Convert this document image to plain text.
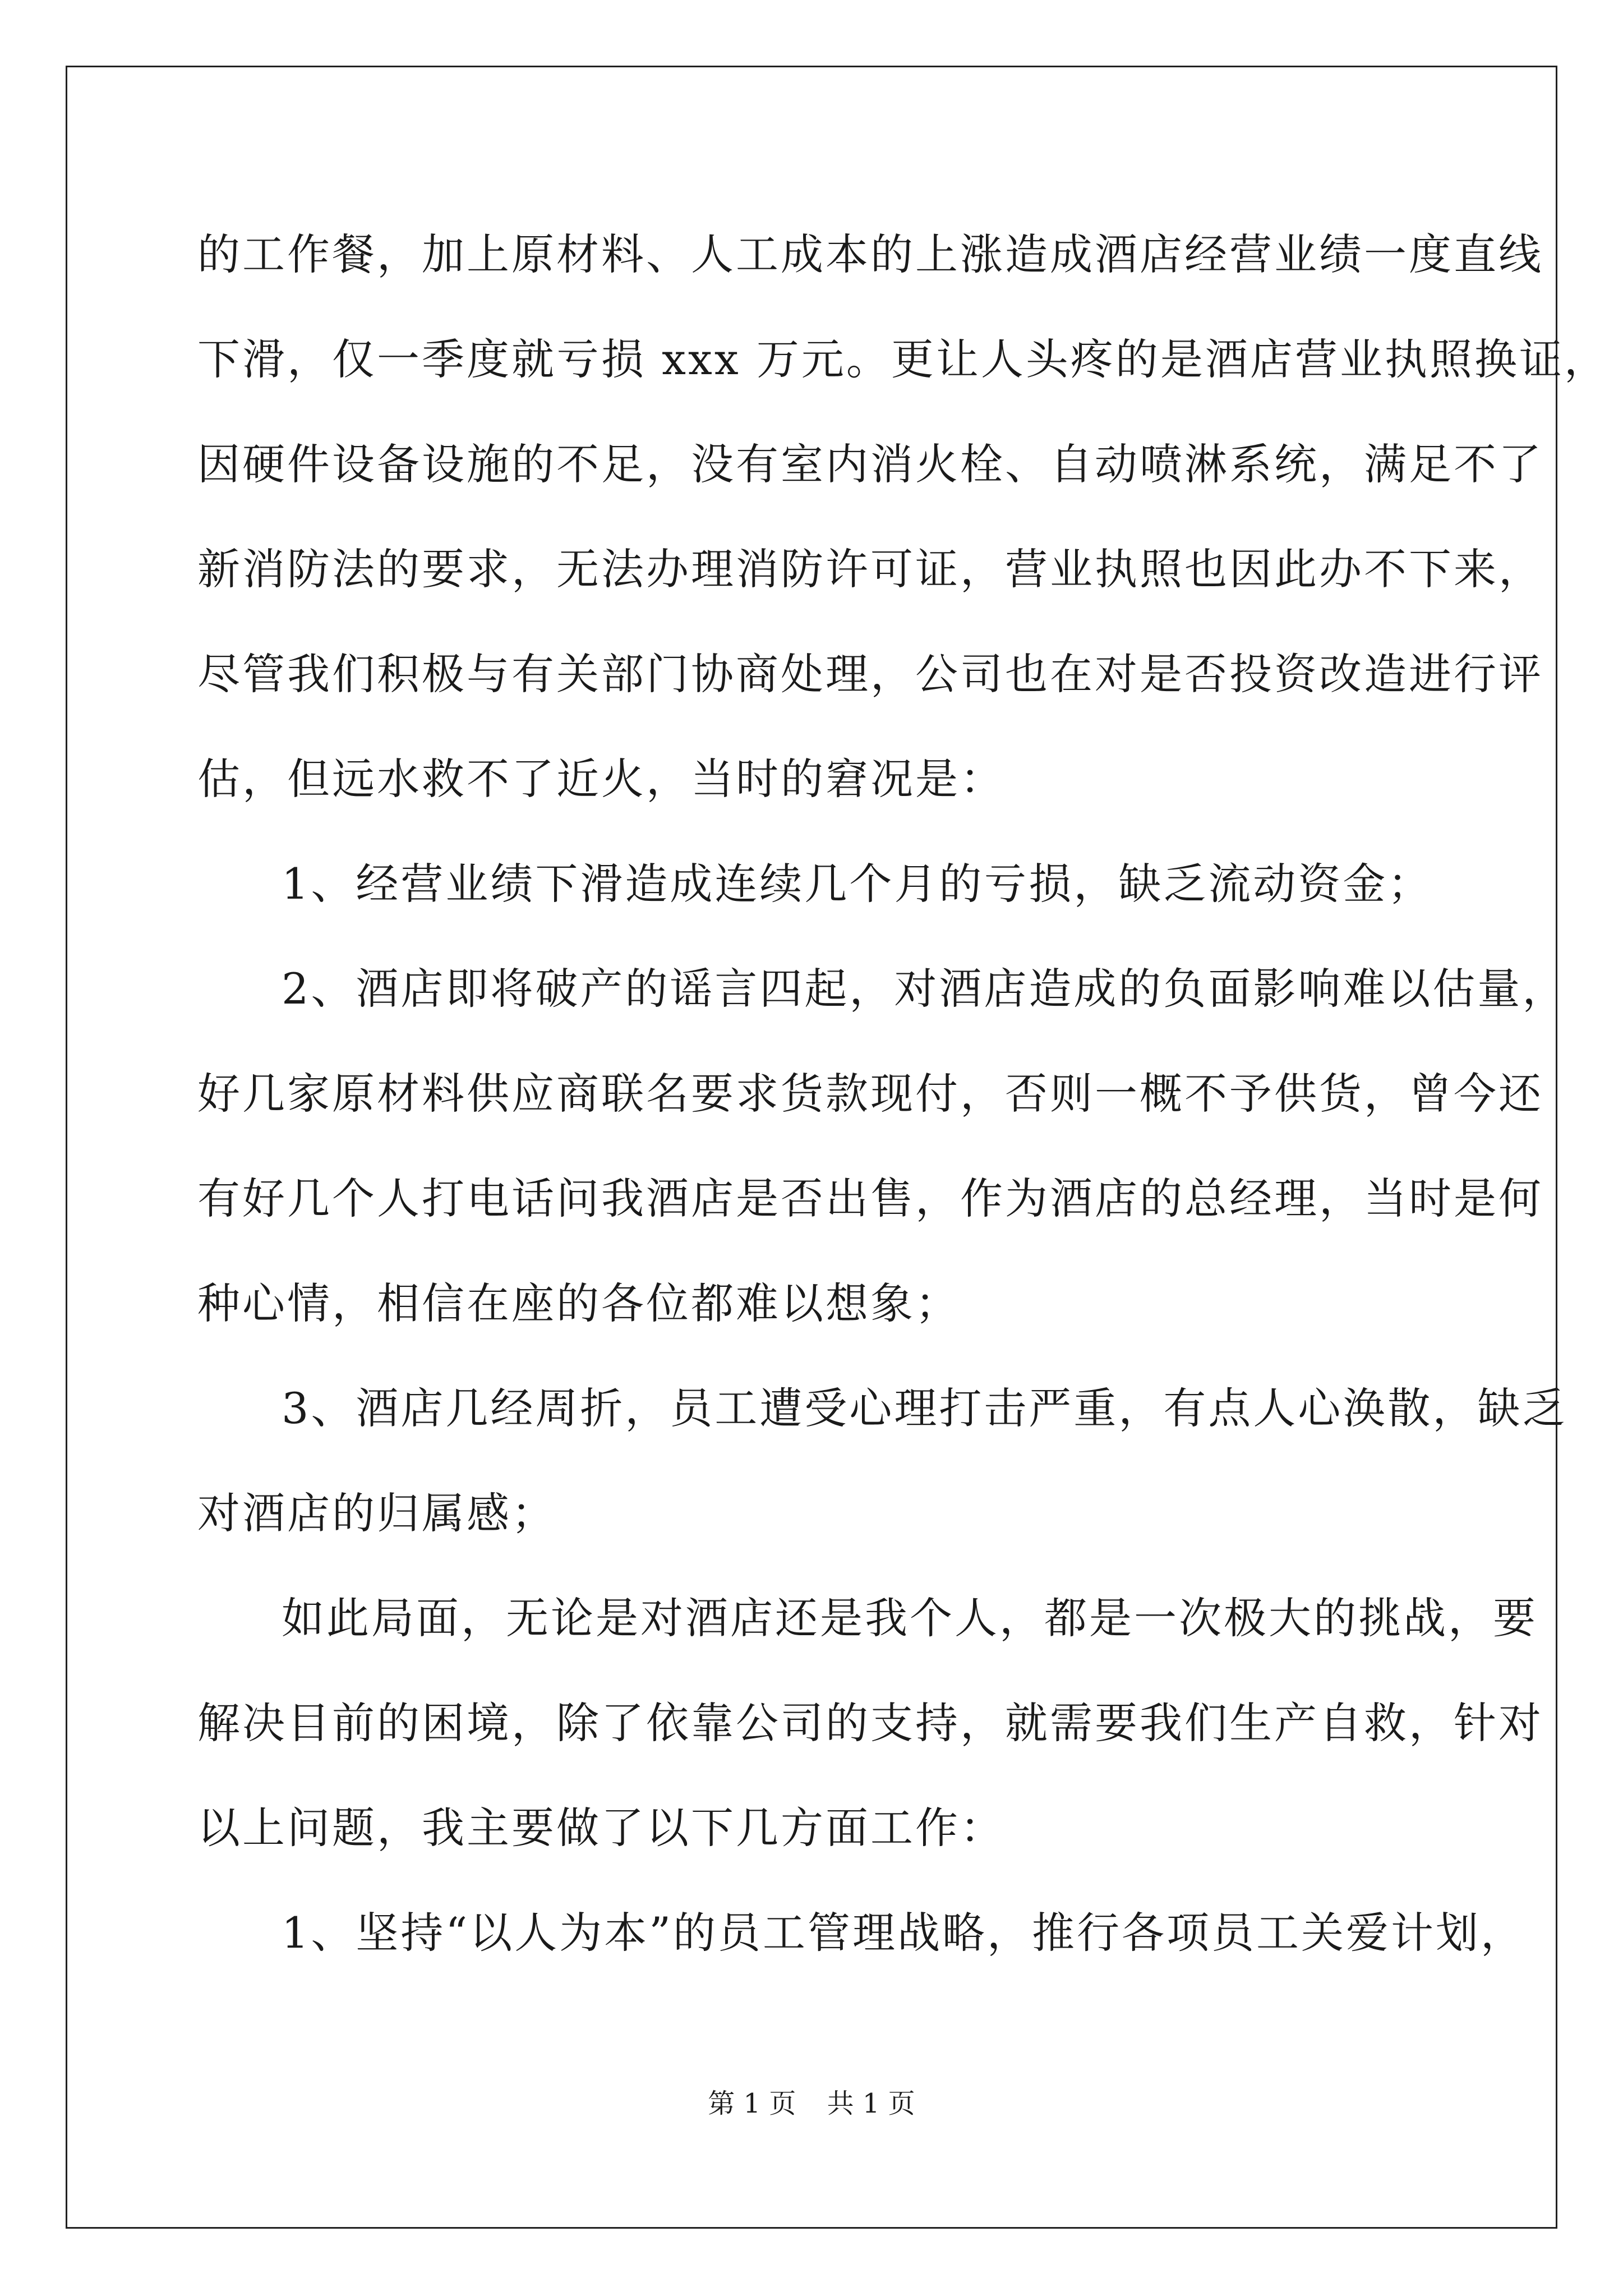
的工作餐，加上原材料、人工成本的上涨造成酒店经营业绩一度直线
下滑，仅一季度就亏损 xxx 万元。更让人头疼的是酒店营业执照换证，
因硬件设备设施的不足，没有室内消火栓、自动喷淋系统，满足不了
新消防法的要求，无法办理消防许可证，营业执照也因此办不下来，
尽管我们积极与有关部门协商处理，公司也在对是否投资改造进行评
估，但远水救不了近火，当时的窘况是：
1、经营业绩下滑造成连续几个月的亏损，缺乏流动资金；
2、酒店即将破产的谣言四起，对酒店造成的负面影响难以估量，
好几家原材料供应商联名要求货款现付，否则一概不予供货，曾今还
有好几个人打电话问我酒店是否出售，作为酒店的总经理，当时是何
种心情，相信在座的各位都难以想象；
3、酒店几经周折，员工遭受心理打击严重，有点人心涣散，缺乏
对酒店的归属感；
如此局面，无论是对酒店还是我个人，都是一次极大的挑战，要
解决目前的困境，除了依靠公司的支持，就需要我们生产自救，针对
以上问题，我主要做了以下几方面工作：
1、坚持“以人为本”的员工管理战略，推行各项员工关爱计划，
第 1 页 共 1 页
